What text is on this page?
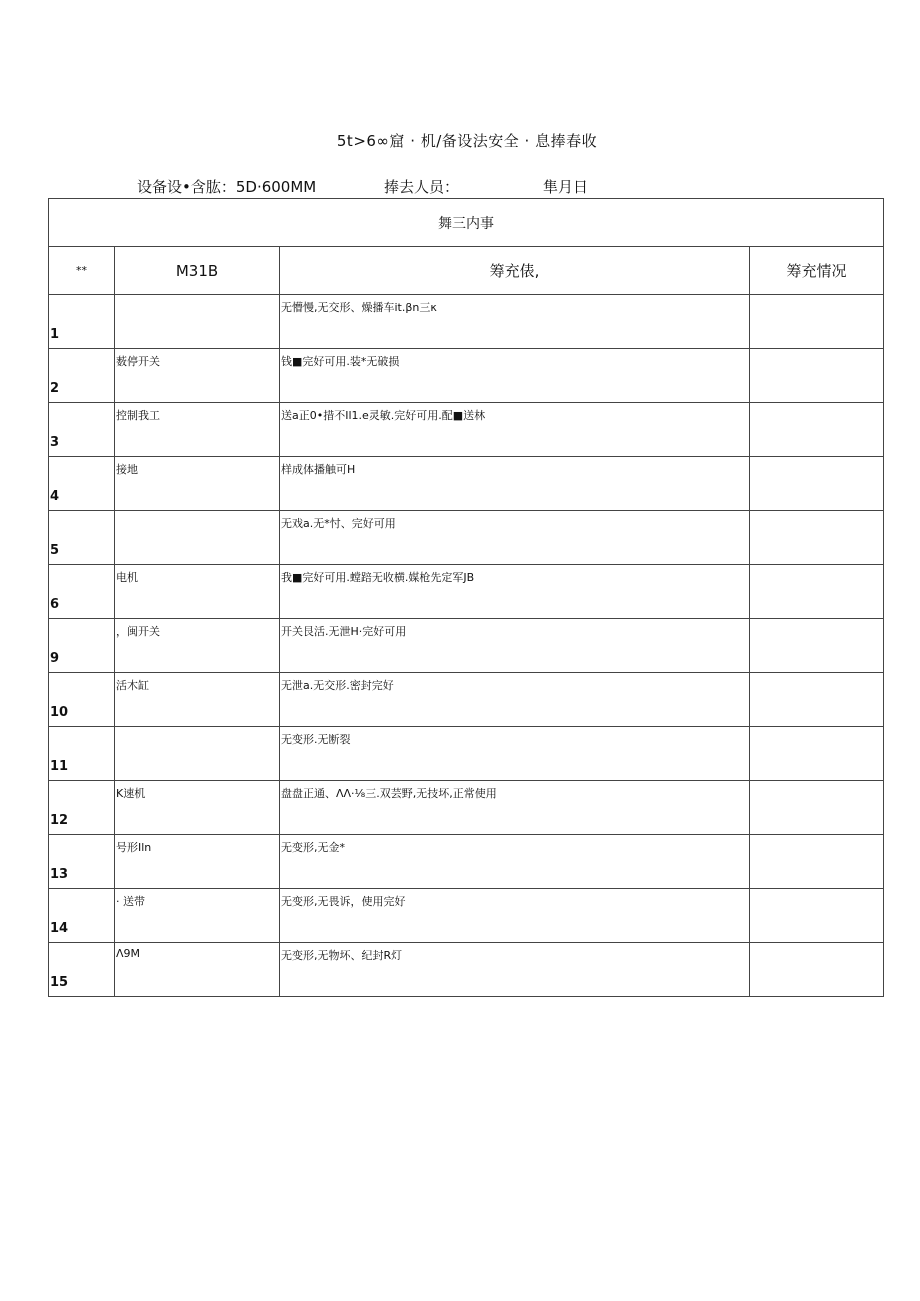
5t>6∞窟 · 机/备设法安全 · 息捧春收
设备设•含肱：5D·600MM	捧去人员：	隼月日
舞三内事			
**	M31B	筹充俵,	筹充情况
1		无懵慢,无交形、燥播车it.βn三κ	
2	薮停开关	钱■完好可用.装*无破损	
3	控制我工	送a正0•措不Il1.e灵敏.完好可用.配■送林	
4	接地	样成体播触可H	
5		无戏a.无*忖、完好可用	
6	电机	我■完好可用.螳踣无收横.媒枪先定军JB	
9	，闽开关	开关艮活.无泄H·完好可用	
10	活木缸	无泄a.无交形.密封完好	
11		无变形.无断裂	
12	K速机	盘盘正通、ΛΛ·⅛三.双芸野,无技坏,正常使用	
13	号形Iln	无变形,无金*	
14	· 送带	无变形,无畏诉，使用完好	
15	Λ9M	无变形,无物坏、纪封R灯	
